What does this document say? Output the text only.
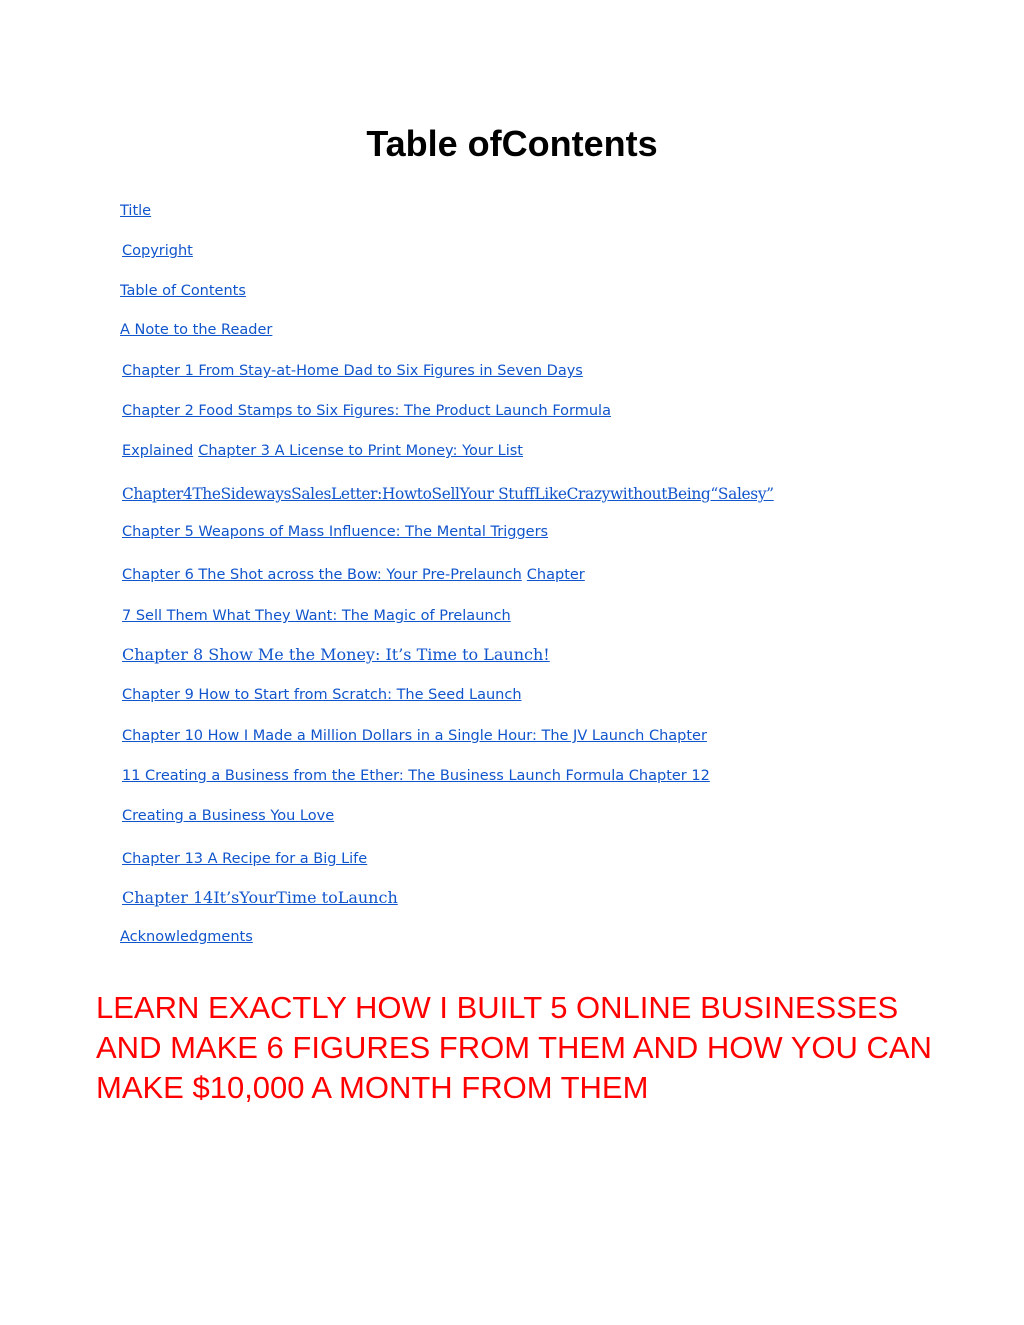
Table ofContents
Title
Copyright
Table of Contents
A Note to the Reader
Chapter 1 From Stay-at-Home Dad to Six Figures in Seven Days
Chapter 2 Food Stamps to Six Figures: The Product Launch Formula
Explained Chapter 3 A License to Print Money: Your List
Chapter4TheSidewaysSalesLetter:HowtoSellYour StuffLikeCrazywithoutBeing“Salesy”
Chapter 5 Weapons of Mass Influence: The Mental Triggers
Chapter 6 The Shot across the Bow: Your Pre-Prelaunch Chapter
7 Sell Them What They Want: The Magic of Prelaunch
Chapter 8 Show Me the Money: It’s Time to Launch!
Chapter 9 How to Start from Scratch: The Seed Launch
Chapter 10 How I Made a Million Dollars in a Single Hour: The JV Launch Chapter
11 Creating a Business from the Ether: The Business Launch Formula Chapter 12
Creating a Business You Love
Chapter 13 A Recipe for a Big Life
Chapter 14It’sYourTime toLaunch
Acknowledgments

LEARN EXACTLY HOW I BUILT 5 ONLINE BUSINESSES AND MAKE 6 FIGURES FROM THEM AND HOW YOU CAN MAKE $10,000 A MONTH FROM THEM
